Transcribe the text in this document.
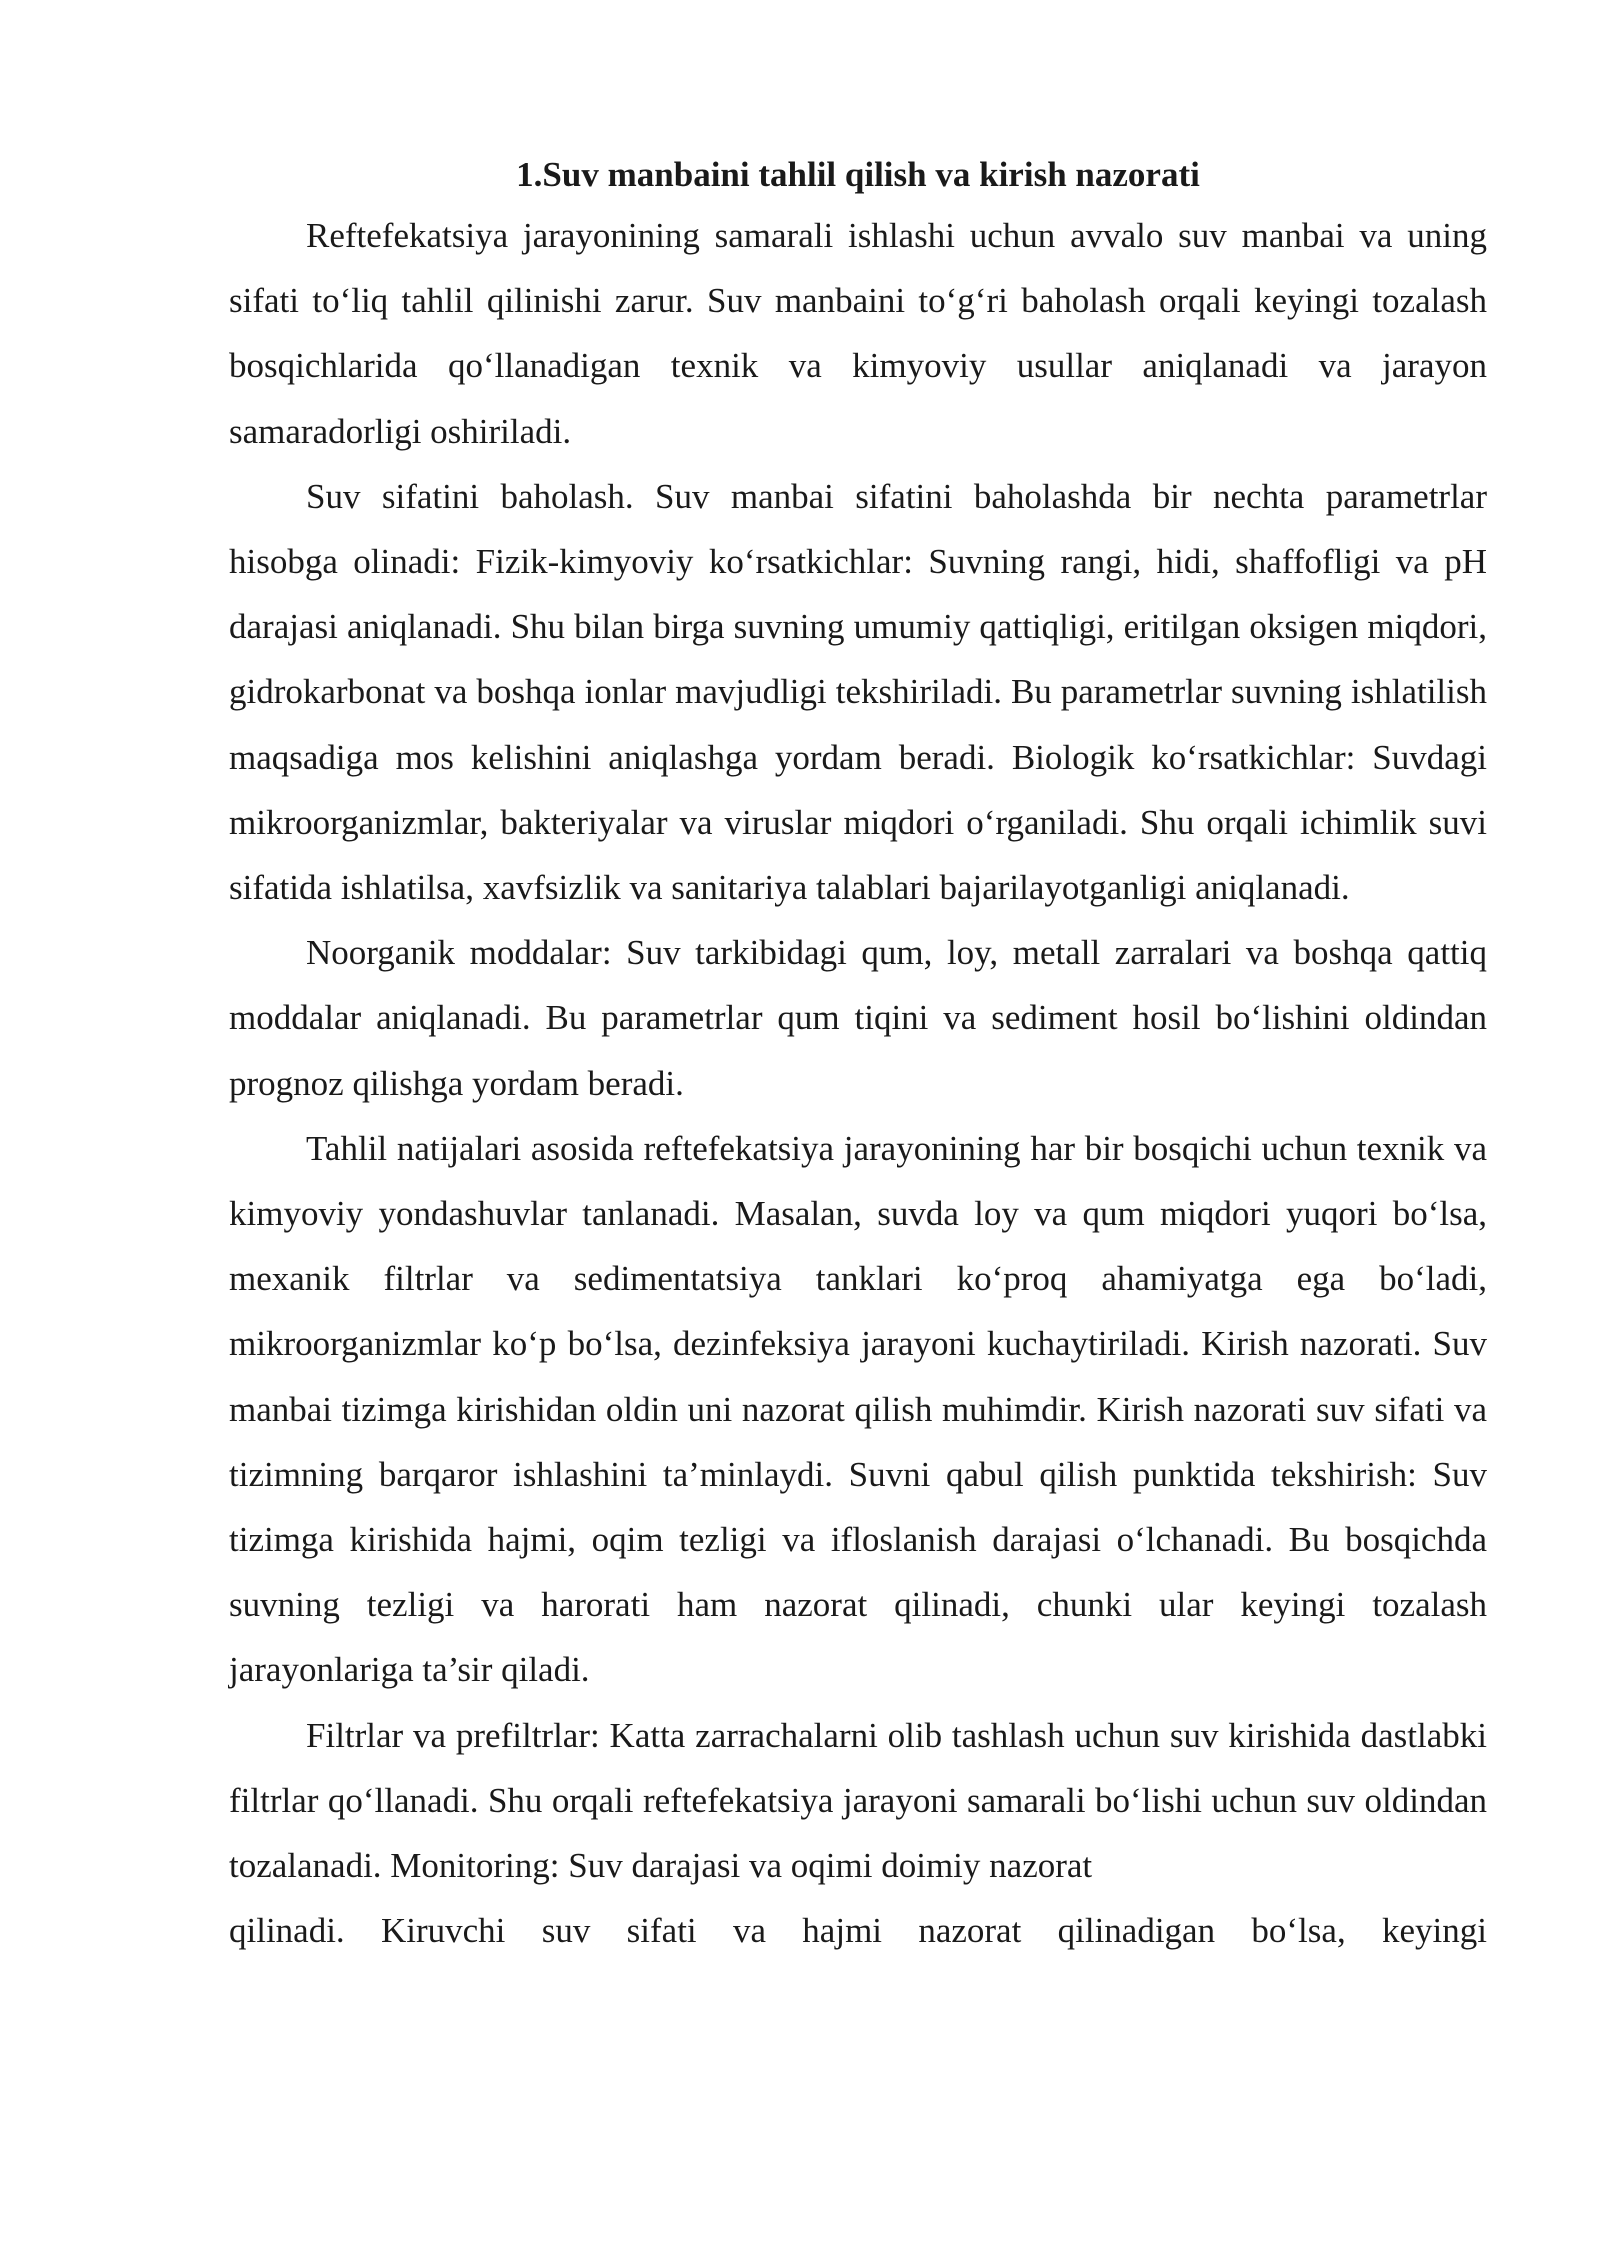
1.Suv manbaini tahlil qilish va kirish nazorati

Reftefekatsiya jarayonining samarali ishlashi uchun avvalo suv manbai va uning sifati to‘liq tahlil qilinishi zarur. Suv manbaini to‘g‘ri baholash orqali keyingi tozalash bosqichlarida qo‘llanadigan texnik va kimyoviy usullar aniqlanadi va jarayon samaradorligi oshiriladi.

Suv sifatini baholash. Suv manbai sifatini baholashda bir nechta parametrlar hisobga olinadi: Fizik-kimyoviy ko‘rsatkichlar: Suvning rangi, hidi, shaffofligi va pH darajasi aniqlanadi. Shu bilan birga suvning umumiy qattiqligi, eritilgan oksigen miqdori, gidrokarbonat va boshqa ionlar mavjudligi tekshiriladi. Bu parametrlar suvning ishlatilish maqsadiga mos kelishini aniqlashga yordam beradi. Biologik ko‘rsatkichlar: Suvdagi mikroorganizmlar, bakteriyalar va viruslar miqdori o‘rganiladi. Shu orqali ichimlik suvi sifatida ishlatilsa, xavfsizlik va sanitariya talablari bajarilayotganligi aniqlanadi.

Noorganik moddalar: Suv tarkibidagi qum, loy, metall zarralari va boshqa qattiq moddalar aniqlanadi. Bu parametrlar qum tiqini va sediment hosil bo‘lishini oldindan prognoz qilishga yordam beradi.

Tahlil natijalari asosida reftefekatsiya jarayonining har bir bosqichi uchun texnik va kimyoviy yondashuvlar tanlanadi. Masalan, suvda loy va qum miqdori yuqori bo‘lsa, mexanik filtrlar va sedimentatsiya tanklari ko‘proq ahamiyatga ega bo‘ladi, mikroorganizmlar ko‘p bo‘lsa, dezinfeksiya jarayoni kuchaytiriladi. Kirish nazorati. Suv manbai tizimga kirishidan oldin uni nazorat qilish muhimdir. Kirish nazorati suv sifati va tizimning barqaror ishlashini ta’minlaydi. Suvni qabul qilish punktida tekshirish: Suv tizimga kirishida hajmi, oqim tezligi va ifloslanish darajasi o‘lchanadi. Bu bosqichda suvning tezligi va harorati ham nazorat qilinadi, chunki ular keyingi tozalash jarayonlariga ta’sir qiladi.

Filtrlar va prefiltrlar: Katta zarrachalarni olib tashlash uchun suv kirishida dastlabki filtrlar qo‘llanadi. Shu orqali reftefekatsiya jarayoni samarali bo‘lishi uchun suv oldindan tozalanadi. Monitoring: Suv darajasi va oqimi doimiy nazorat
qilinadi. Kiruvchi suv sifati va hajmi nazorat qilinadigan bo‘lsa, keyingi
